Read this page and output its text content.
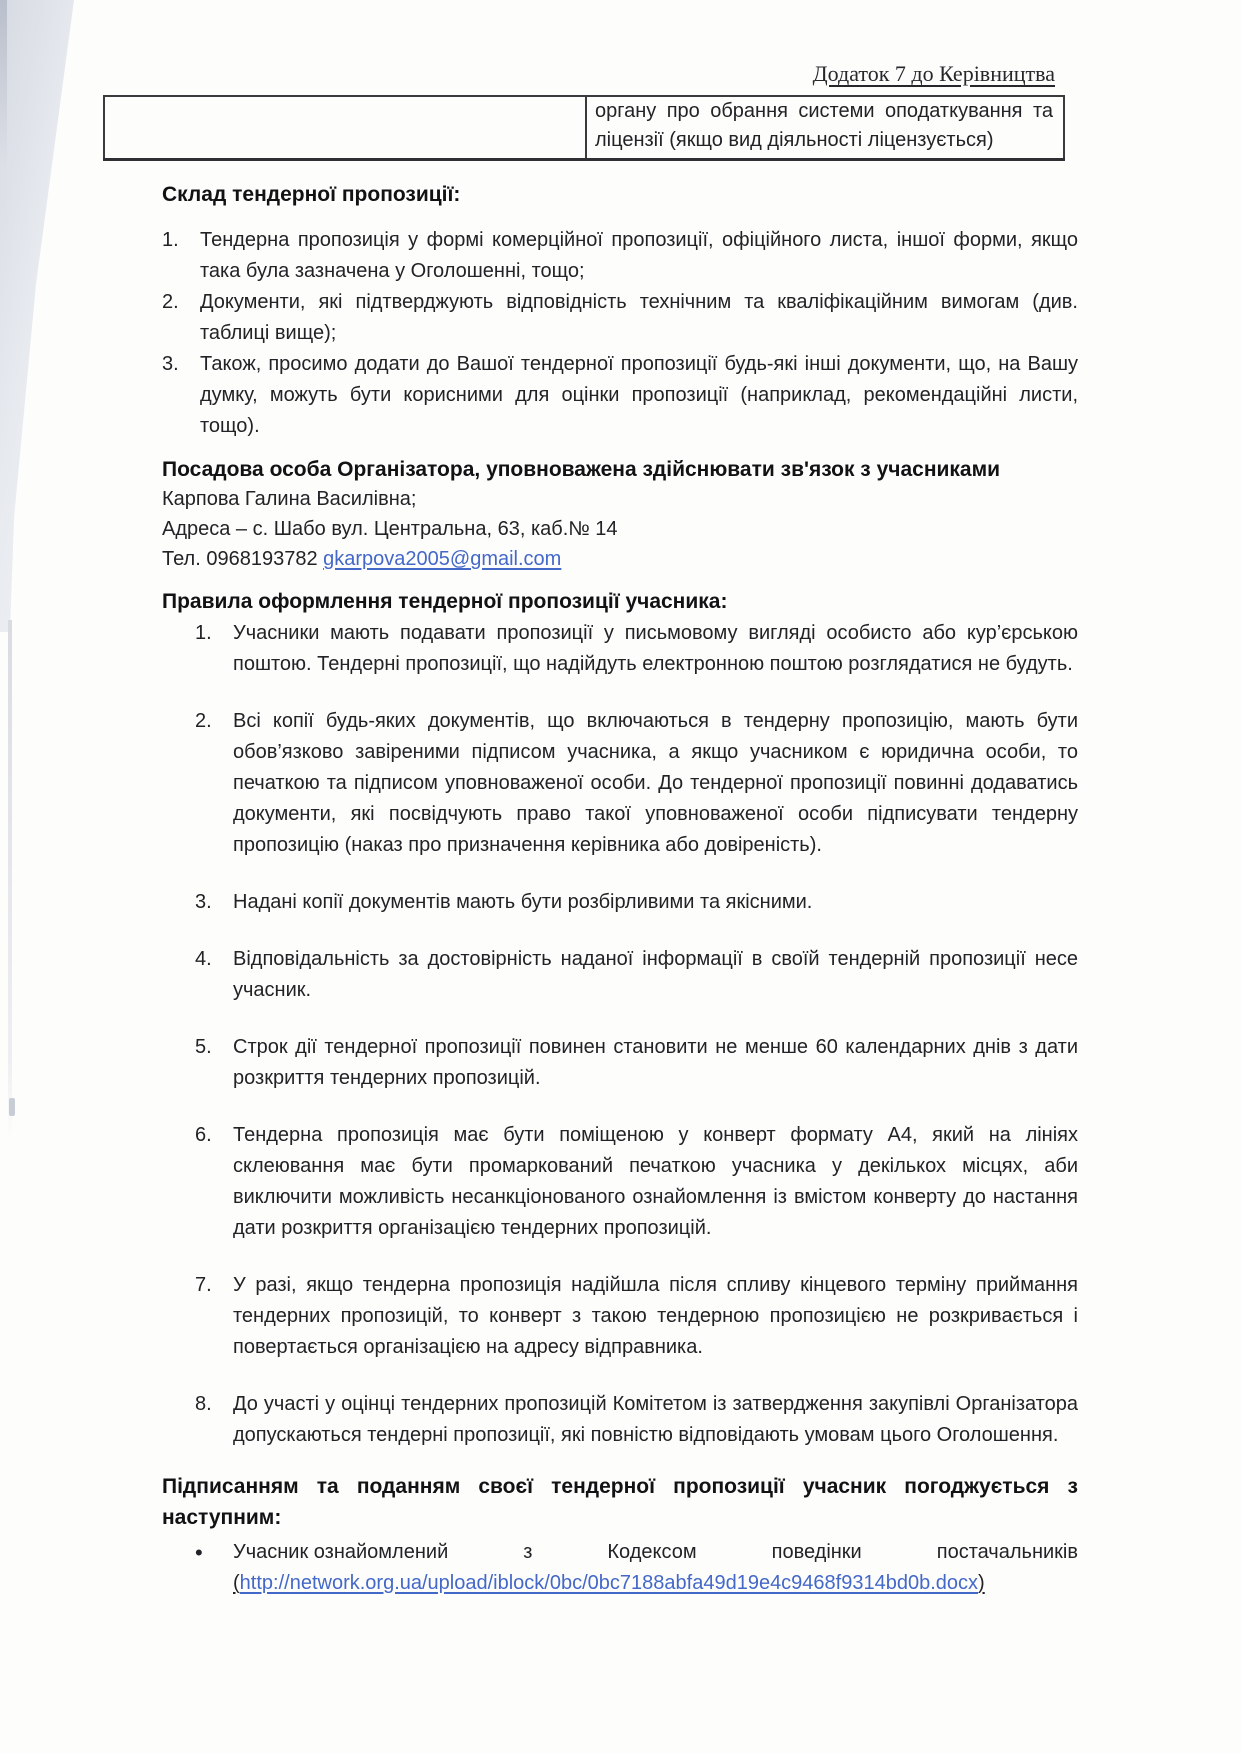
Додаток 7 до Керівництва
	органу про обрання системи оподаткування та ліцензії (якщо вид діяльності ліцензується)
Склад тендерної пропозиції:
1.	Тендерна пропозиція у формі комерційної пропозиції, офіційного листа, іншої форми, якщо така була зазначена у Оголошенні, тощо;
2.	Документи, які підтверджують відповідність технічним та кваліфікаційним вимогам (див. таблиці вище);
3.	Також, просимо додати до Вашої тендерної пропозиції будь-які інші документи, що, на Вашу думку, можуть бути корисними для оцінки пропозиції (наприклад, рекомендаційні листи, тощо).
Посадова особа Організатора, уповноважена здійснювати зв'язок з учасниками
Карпова Галина Василівна;
Адреса – с. Шабо вул. Центральна, 63, каб.№ 14
Тел. 0968193782 gkarpova2005@gmail.com
Правила оформлення тендерної пропозиції учасника:
1.	Учасники мають подавати пропозиції у письмовому вигляді особисто або кур’єрською поштою. Тендерні пропозиції, що надійдуть електронною поштою розглядатися не будуть.
2.	Всі копії будь-яких документів, що включаються в тендерну пропозицію, мають бути обов’язково завіреними підписом учасника, а якщо учасником є юридична особи, то печаткою та підписом уповноваженої особи. До тендерної пропозиції повинні додаватись документи, які посвідчують право такої уповноваженої особи підписувати тендерну пропозицію (наказ про призначення керівника або довіреність).
3.	Надані копії документів мають бути розбірливими та якісними.
4.	Відповідальність за достовірність наданої інформації в своїй тендерній пропозиції несе учасник.
5.	Строк дії тендерної пропозиції повинен становити не менше 60 календарних днів з дати розкриття тендерних пропозицій.
6.	Тендерна пропозиція має бути поміщеною у конверт формату А4, який на лініях склеювання має бути промаркований печаткою учасника у декількох місцях, аби виключити можливість несанкціонованого ознайомлення із вмістом конверту до настання дати розкриття організацією тендерних пропозицій.
7.	У разі, якщо тендерна пропозиція надійшла після спливу кінцевого терміну приймання тендерних пропозицій, то конверт з такою тендерною пропозицією не розкривається і повертається організацією на адресу відправника.
8.	До участі у оцінці тендерних пропозицій Комітетом із затвердження закупівлі Організатора допускаються тендерні пропозиції, які повністю відповідають умовам цього Оголошення.
Підписанням та поданням своєї тендерної пропозиції учасник погоджується з наступним:
•
Учасник ознайомлений	з	Кодексом	поведінки	постачальників
(http://network.org.ua/upload/iblock/0bc/0bc7188abfa49d19e4c9468f9314bd0b.docx)
